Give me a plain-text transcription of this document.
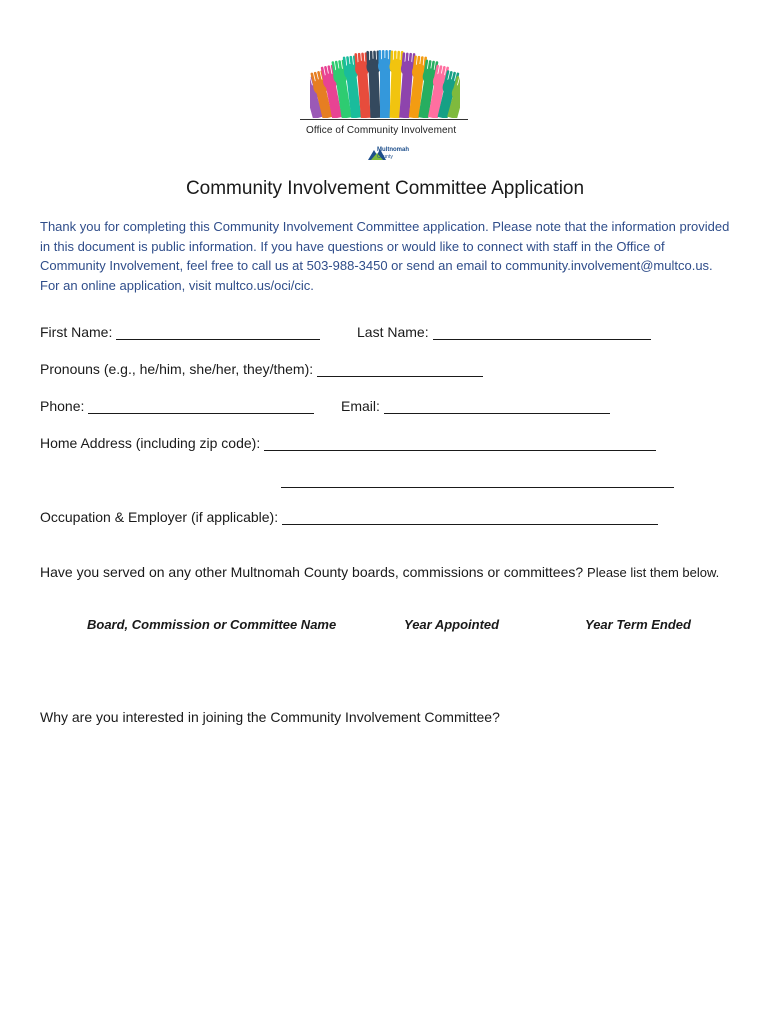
Office of Community Involvement
Multnomah
County
Community Involvement Committee Application
Thank you for completing this Community Involvement Committee application. Please note that the information provided in this document is public information. If you have questions or would like to connect with staff in the Office of Community Involvement, feel free to call us at 503-988-3450 or send an email to community.involvement@multco.us. For an online application, visit multco.us/oci/cic.
First Name:	Last Name:
Pronouns (e.g., he/him, she/her, they/them):
Phone:	Email:
Home Address (including zip code):
Occupation & Employer (if applicable):
Have you served on any other Multnomah County boards, commissions or committees? Please list them below.
Board, Commission or Committee Name	Year Appointed	Year Term Ended
Why are you interested in joining the Community Involvement Committee?
